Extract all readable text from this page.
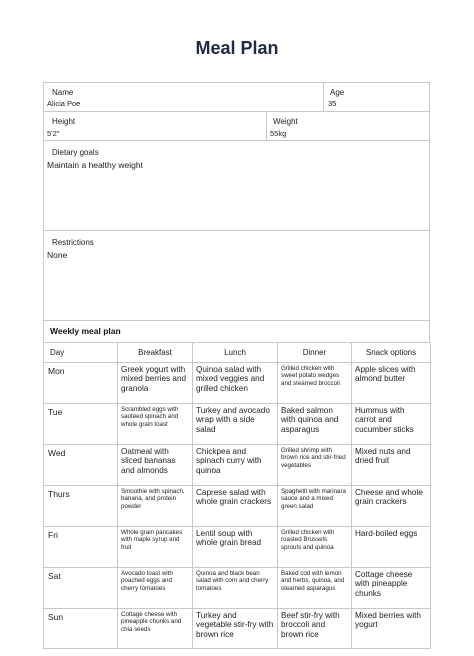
Meal Plan
Name
Alicia Poe
Age
35
Height
5'2"
Weight
55kg
Dietary goals
Maintain a healthy weight
Restrictions
None
Weekly meal plan
Day	Breakfast	Lunch	Dinner	Snack options
Mon	Greek yogurt with mixed berries and granola	Quinoa salad with mixed veggies and grilled chicken	Grilled chicken with sweet potato wedges and steamed broccoli	Apple slices with almond butter
Tue	Scrambled eggs with sautéed spinach and whole grain toast	Turkey and avocado wrap with a side salad	Baked salmon with quinoa and asparagus	Hummus with carrot and cucumber sticks
Wed	Oatmeal with sliced bananas and almonds	Chickpea and spinach curry with quinoa	Grilled shrimp with brown rice and stir-fried vegetables	Mixed nuts and dried fruit
Thurs	Smoothie with spinach, banana, and protein powder	Caprese salad with whole grain crackers	Spaghetti with marinara sauce and a mixed green salad	Cheese and whole grain crackers
Fri	Whole grain pancakes with maple syrup and fruit	Lentil soup with whole grain bread	Grilled chicken with roasted Brussels sprouts and quinoa	Hard-boiled eggs
Sat	Avocado toast with poached eggs and cherry tomatoes	Quinoa and black bean salad with corn and cherry tomatoes	Baked cod with lemon and herbs, quinoa, and steamed asparagus	Cottage cheese with pineapple chunks
Sun	Cottage cheese with pineapple chunks and chia seeds	Turkey and vegetable stir-fry with brown rice	Beef stir-fry with broccoli and brown rice	Mixed berries with yogurt
